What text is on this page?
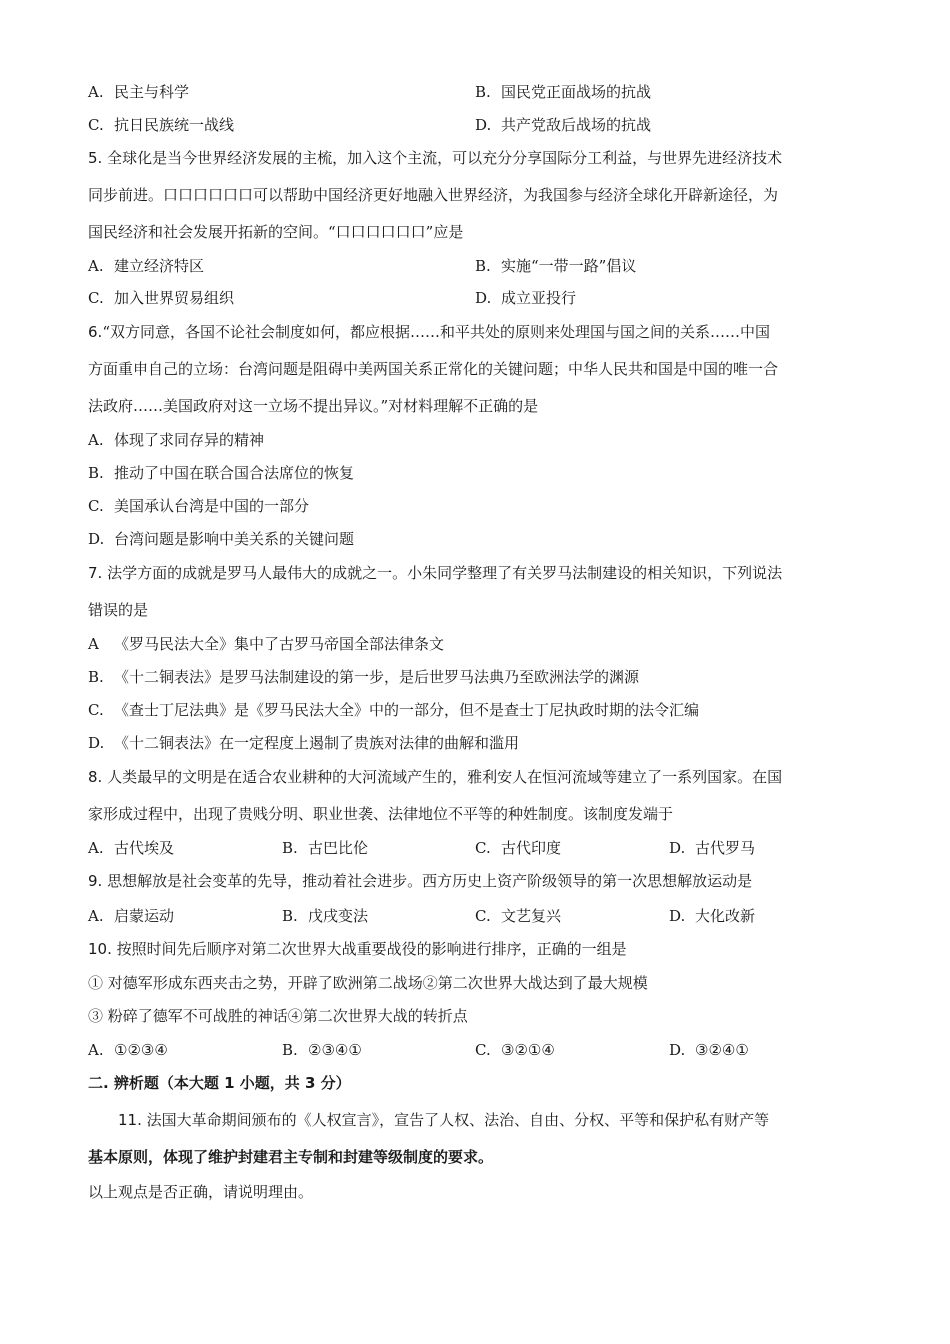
A. 民主与科学	B. 国民党正面战场的抗战
C. 抗日民族统一战线	D. 共产党敌后战场的抗战
5. 全球化是当今世界经济发展的主梳，加入这个主流，可以充分分享国际分工利益，与世界先进经济技术
同步前进。口口口口口口可以帮助中国经济更好地融入世界经济，为我国参与经济全球化开辟新途径，为
国民经济和社会发展开拓新的空间。“口口口口口口”应是
A. 建立经济特区	B. 实施“一带一路”倡议
C. 加入世界贸易组织	D. 成立亚投行
6.“双方同意，各国不论社会制度如何，都应根据……和平共处的原则来处理国与国之间的关系……中国
方面重申自己的立场：台湾问题是阻碍中美两国关系正常化的关键问题；中华人民共和国是中国的唯一合
法政府……美国政府对这一立场不提出异议。”对材料理解不正确的是
A. 体现了求同存异的精神
B. 推动了中国在联合国合法席位的恢复
C. 美国承认台湾是中国的一部分
D. 台湾问题是影响中美关系的关键问题
7. 法学方面的成就是罗马人最伟大的成就之一。小朱同学整理了有关罗马法制建设的相关知识，下列说法
错误的是
A 《罗马民法大全》集中了古罗马帝国全部法律条文
B. 《十二铜表法》是罗马法制建设的第一步，是后世罗马法典乃至欧洲法学的渊源
C. 《查士丁尼法典》是《罗马民法大全》中的一部分，但不是查士丁尼执政时期的法令汇编
D. 《十二铜表法》在一定程度上遏制了贵族对法律的曲解和滥用
8. 人类最早的文明是在适合农业耕种的大河流域产生的，雅利安人在恒河流域等建立了一系列国家。在国
家形成过程中，出现了贵贱分明、职业世袭、法律地位不平等的种姓制度。该制度发端于
A. 古代埃及	B. 古巴比伦	C. 古代印度	D. 古代罗马
9. 思想解放是社会变革的先导，推动着社会进步。西方历史上资产阶级领导的第一次思想解放运动是
A. 启蒙运动	B. 戊戌变法	C. 文艺复兴	D. 大化改新
10. 按照时间先后顺序对第二次世界大战重要战役的影响进行排序，正确的一组是
① 对德军形成东西夹击之势，开辟了欧洲第二战场②第二次世界大战达到了最大规模
③ 粉碎了德军不可战胜的神话④第二次世界大战的转折点
A. ①②③④	B. ②③④①	C. ③②①④	D. ③②④①
二. 辨析题（本大题 1 小题，共 3 分）
11. 法国大革命期间颁布的《人权宣言》，宣告了人权、法治、自由、分权、平等和保护私有财产等
基本原则，体现了维护封建君主专制和封建等级制度的要求。
以上观点是否正确，请说明理由。
